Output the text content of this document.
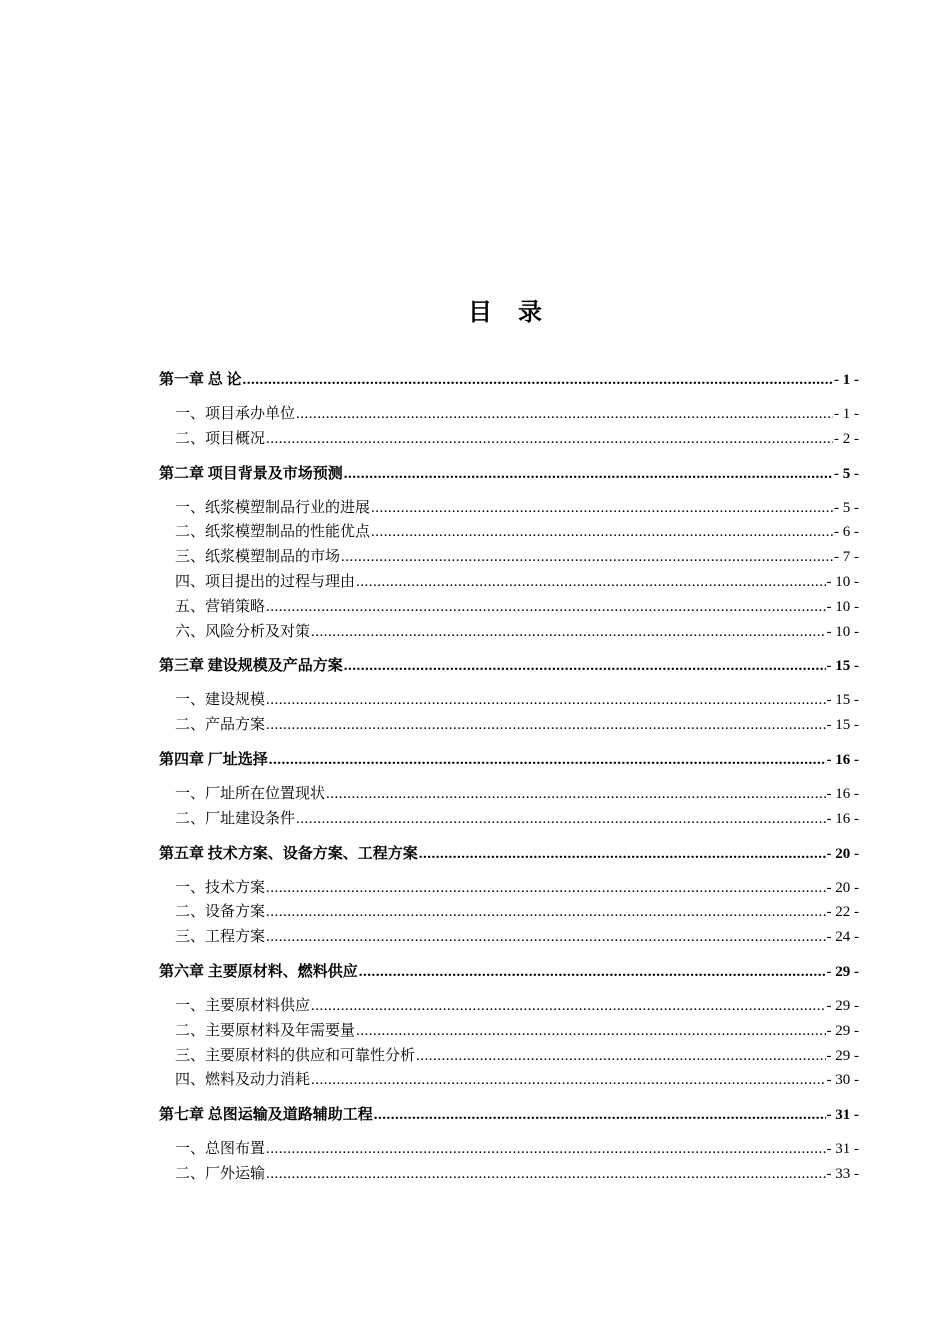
目 录
第一章 总 论 .....	- 1 -
一、项目承办单位 .....	- 1 -
二、项目概况 .....	- 2 -
第二章 项目背景及市场预测 .....	- 5 -
一、纸浆模塑制品行业的进展 .....	- 5 -
二、纸浆模塑制品的性能优点 .....	- 6 -
三、纸浆模塑制品的市场 .....	- 7 -
四、项目提出的过程与理由 .....	- 10 -
五、营销策略 .....	- 10 -
六、风险分析及对策 .....	- 10 -
第三章 建设规模及产品方案 .....	- 15 -
一、建设规模 .....	- 15 -
二、产品方案 .....	- 15 -
第四章 厂址选择 .....	- 16 -
一、厂址所在位置现状 .....	- 16 -
二、厂址建设条件 .....	- 16 -
第五章 技术方案、设备方案、工程方案 .....	- 20 -
一、技术方案 .....	- 20 -
二、设备方案 .....	- 22 -
三、工程方案 .....	- 24 -
第六章 主要原材料、燃料供应 .....	- 29 -
一、主要原材料供应 .....	- 29 -
二、主要原材料及年需要量 .....	- 29 -
三、主要原材料的供应和可靠性分析 .....	- 29 -
四、燃料及动力消耗 .....	- 30 -
第七章 总图运输及道路辅助工程 .....	- 31 -
一、总图布置 .....	- 31 -
二、厂外运输 .....	- 33 -
